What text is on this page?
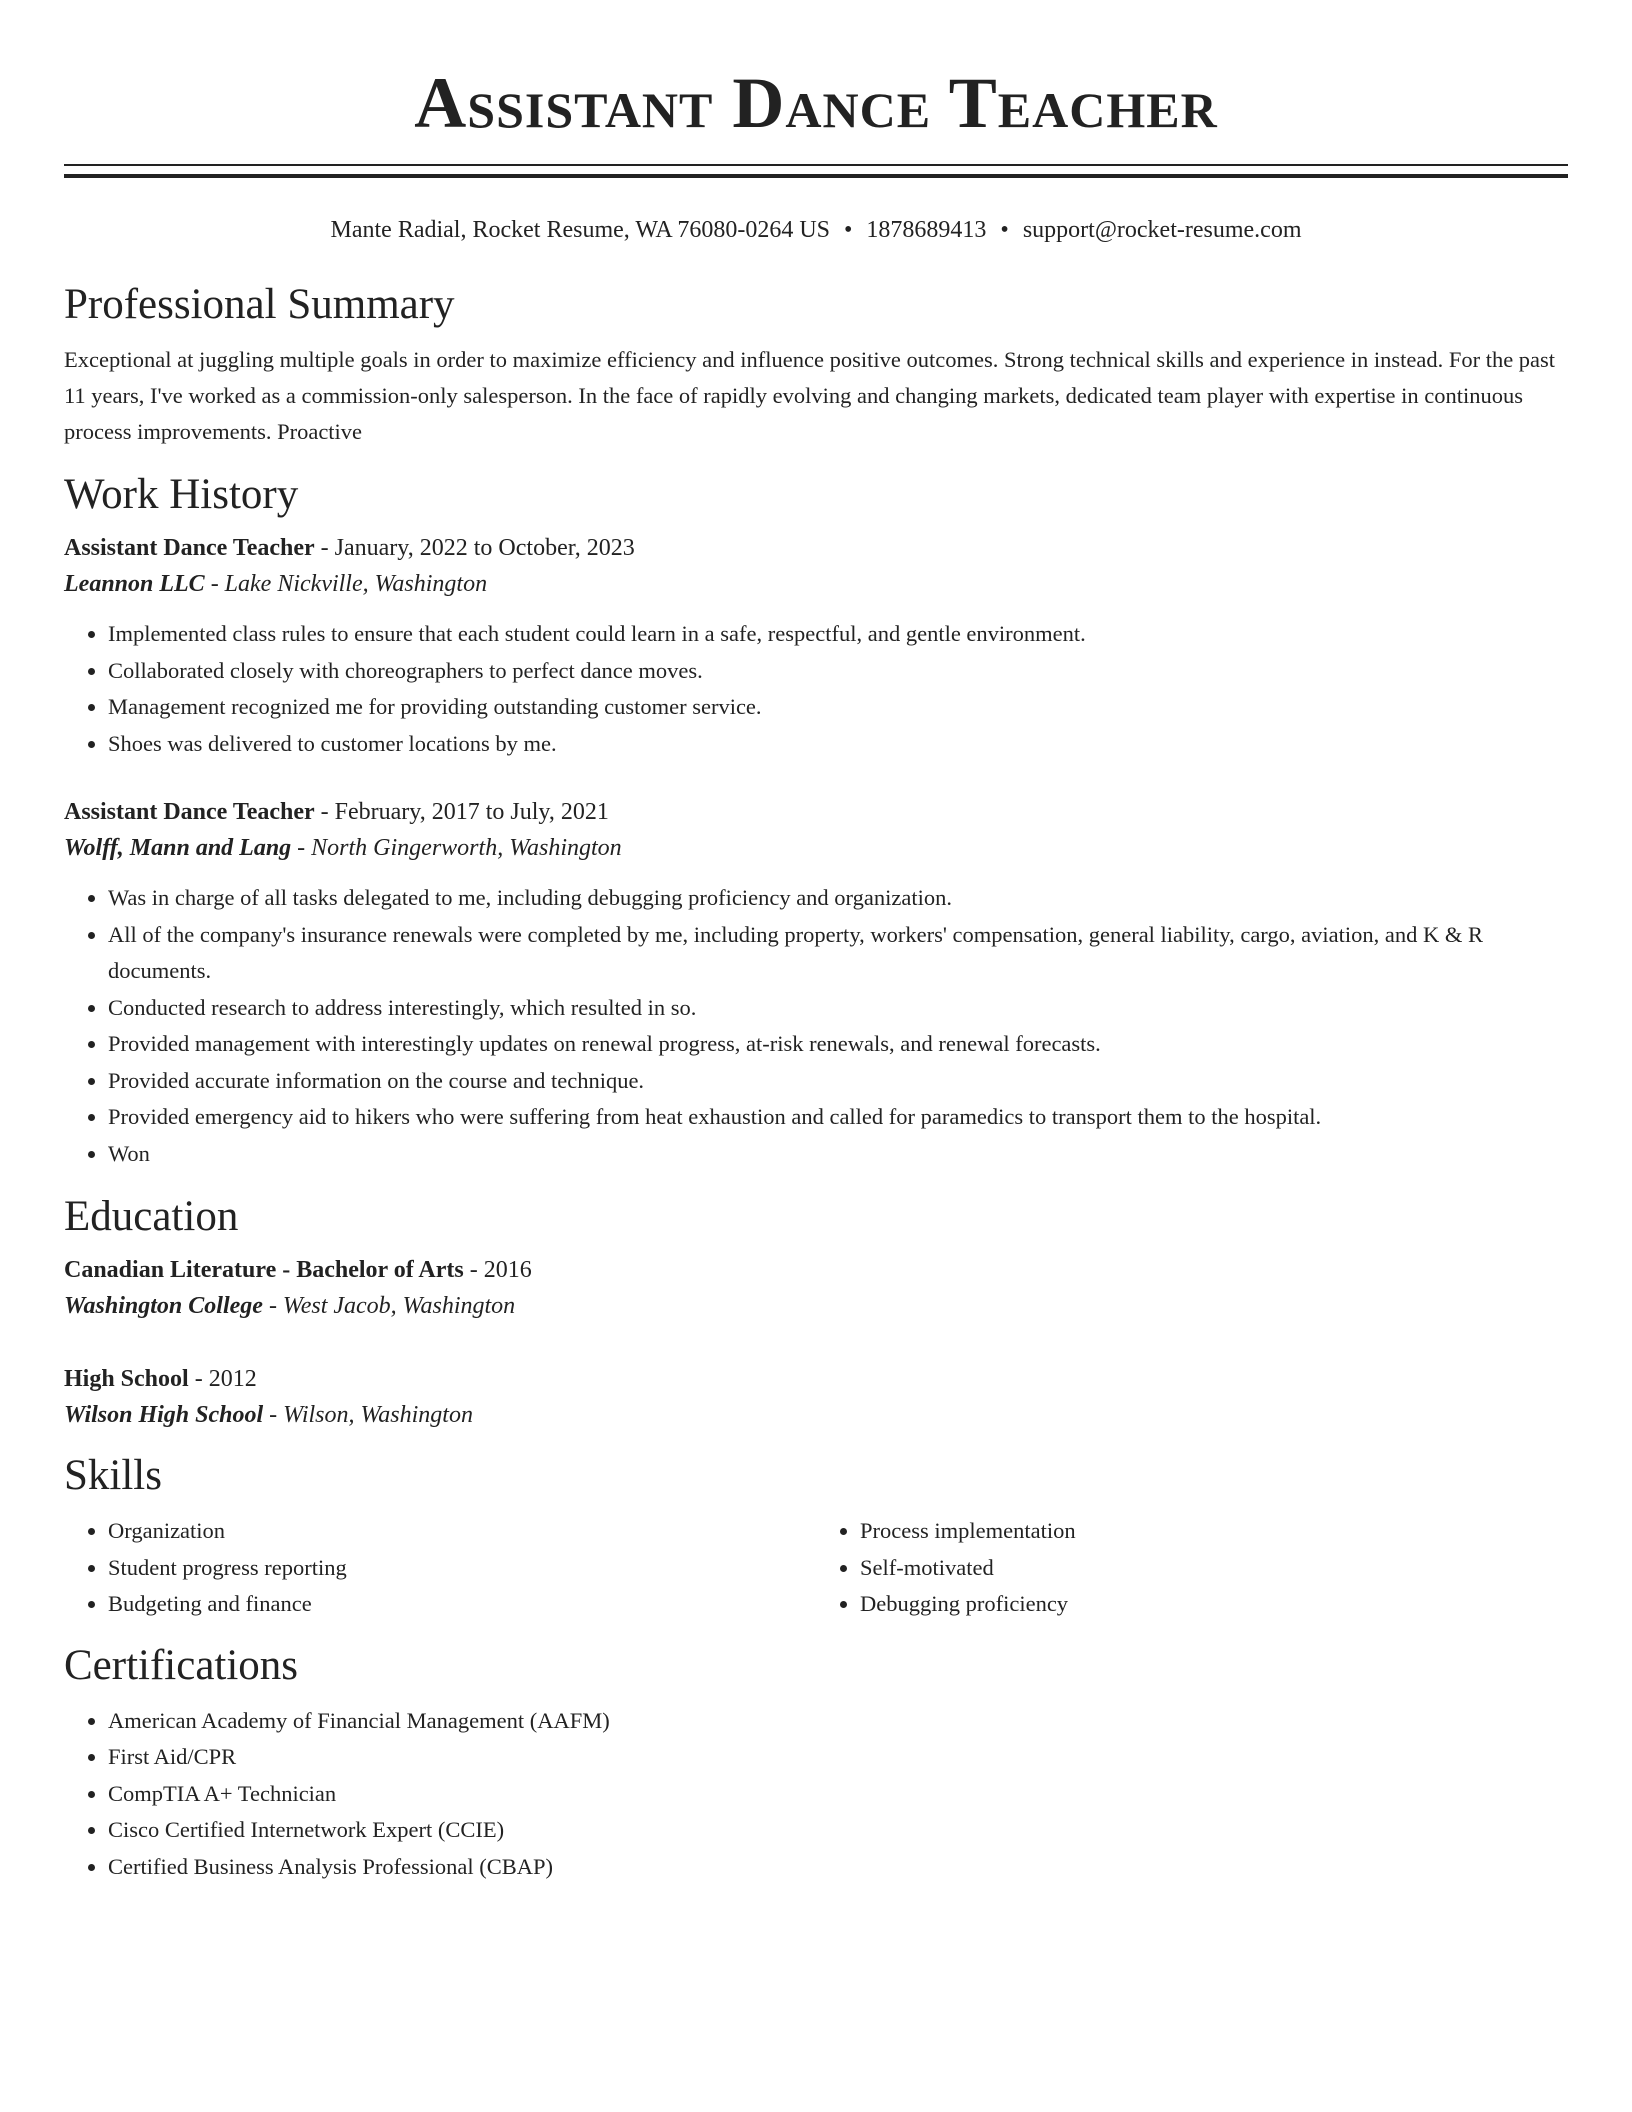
Assistant Dance Teacher
Mante Radial, Rocket Resume, WA 76080-0264 US • 1878689413 • support@rocket-resume.com
Professional Summary
Exceptional at juggling multiple goals in order to maximize efficiency and influence positive outcomes. Strong technical skills and experience in instead. For the past 11 years, I've worked as a commission-only salesperson. In the face of rapidly evolving and changing markets, dedicated team player with expertise in continuous process improvements. Proactive
Work History
Assistant Dance Teacher - January, 2022 to October, 2023
Leannon LLC - Lake Nickville, Washington
• Implemented class rules to ensure that each student could learn in a safe, respectful, and gentle environment.
• Collaborated closely with choreographers to perfect dance moves.
• Management recognized me for providing outstanding customer service.
• Shoes was delivered to customer locations by me.
Assistant Dance Teacher - February, 2017 to July, 2021
Wolff, Mann and Lang - North Gingerworth, Washington
• Was in charge of all tasks delegated to me, including debugging proficiency and organization.
• All of the company's insurance renewals were completed by me, including property, workers' compensation, general liability, cargo, aviation, and K & R documents.
• Conducted research to address interestingly, which resulted in so.
• Provided management with interestingly updates on renewal progress, at-risk renewals, and renewal forecasts.
• Provided accurate information on the course and technique.
• Provided emergency aid to hikers who were suffering from heat exhaustion and called for paramedics to transport them to the hospital.
• Won
Education
Canadian Literature - Bachelor of Arts - 2016
Washington College - West Jacob, Washington
High School - 2012
Wilson High School - Wilson, Washington
Skills
• Organization
• Student progress reporting
• Budgeting and finance
• Process implementation
• Self-motivated
• Debugging proficiency
Certifications
• American Academy of Financial Management (AAFM)
• First Aid/CPR
• CompTIA A+ Technician
• Cisco Certified Internetwork Expert (CCIE)
• Certified Business Analysis Professional (CBAP)
